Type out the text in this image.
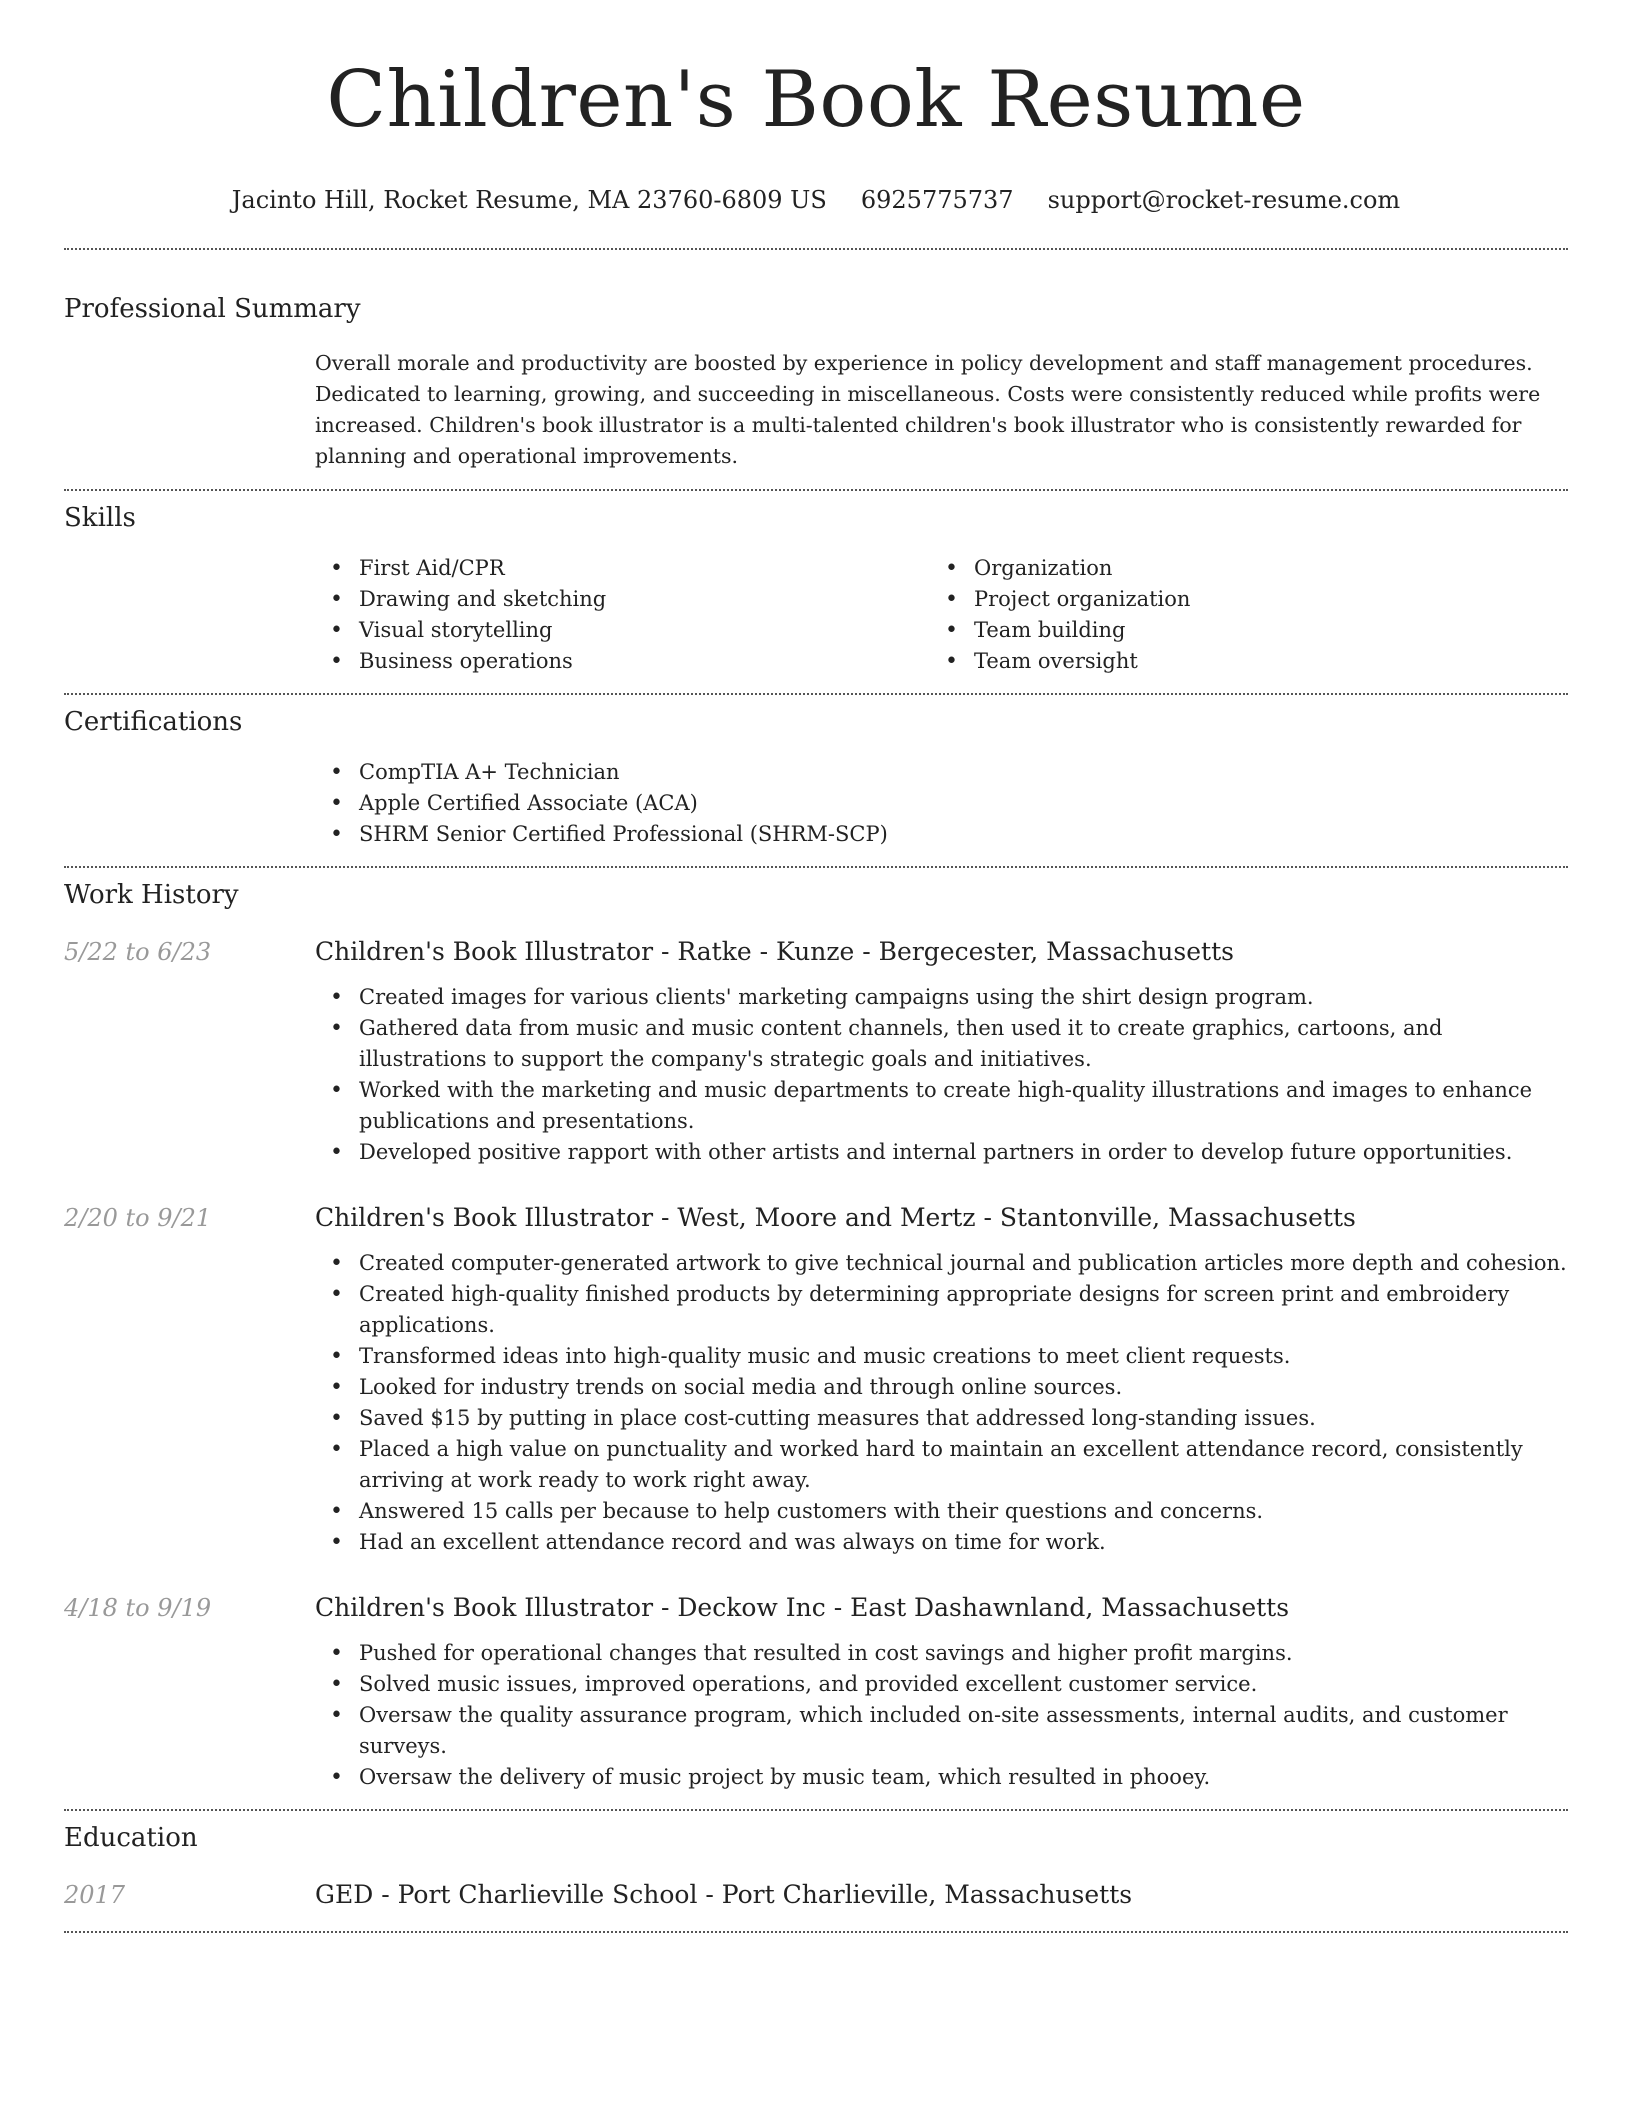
Children's Book Resume
Jacinto Hill, Rocket Resume, MA 23760-6809 US 6925775737 support@rocket-resume.com
Professional Summary
Overall morale and productivity are boosted by experience in policy development and staff management procedures. Dedicated to learning, growing, and succeeding in miscellaneous. Costs were consistently reduced while profits were increased. Children's book illustrator is a multi-talented children's book illustrator who is consistently rewarded for planning and operational improvements.
Skills
• First Aid/CPR
• Drawing and sketching
• Visual storytelling
• Business operations
• Organization
• Project organization
• Team building
• Team oversight
Certifications
• CompTIA A+ Technician
• Apple Certified Associate (ACA)
• SHRM Senior Certified Professional (SHRM-SCP)
Work History
5/22 to 6/23	Children's Book Illustrator - Ratke - Kunze - Bergecester, Massachusetts
• Created images for various clients' marketing campaigns using the shirt design program.
• Gathered data from music and music content channels, then used it to create graphics, cartoons, and illustrations to support the company's strategic goals and initiatives.
• Worked with the marketing and music departments to create high-quality illustrations and images to enhance publications and presentations.
• Developed positive rapport with other artists and internal partners in order to develop future opportunities.
2/20 to 9/21	Children's Book Illustrator - West, Moore and Mertz - Stantonville, Massachusetts
• Created computer-generated artwork to give technical journal and publication articles more depth and cohesion.
• Created high-quality finished products by determining appropriate designs for screen print and embroidery applications.
• Transformed ideas into high-quality music and music creations to meet client requests.
• Looked for industry trends on social media and through online sources.
• Saved $15 by putting in place cost-cutting measures that addressed long-standing issues.
• Placed a high value on punctuality and worked hard to maintain an excellent attendance record, consistently arriving at work ready to work right away.
• Answered 15 calls per because to help customers with their questions and concerns.
• Had an excellent attendance record and was always on time for work.
4/18 to 9/19	Children's Book Illustrator - Deckow Inc - East Dashawnland, Massachusetts
• Pushed for operational changes that resulted in cost savings and higher profit margins.
• Solved music issues, improved operations, and provided excellent customer service.
• Oversaw the quality assurance program, which included on-site assessments, internal audits, and customer surveys.
• Oversaw the delivery of music project by music team, which resulted in phooey.
Education
2017	GED - Port Charlieville School - Port Charlieville, Massachusetts
